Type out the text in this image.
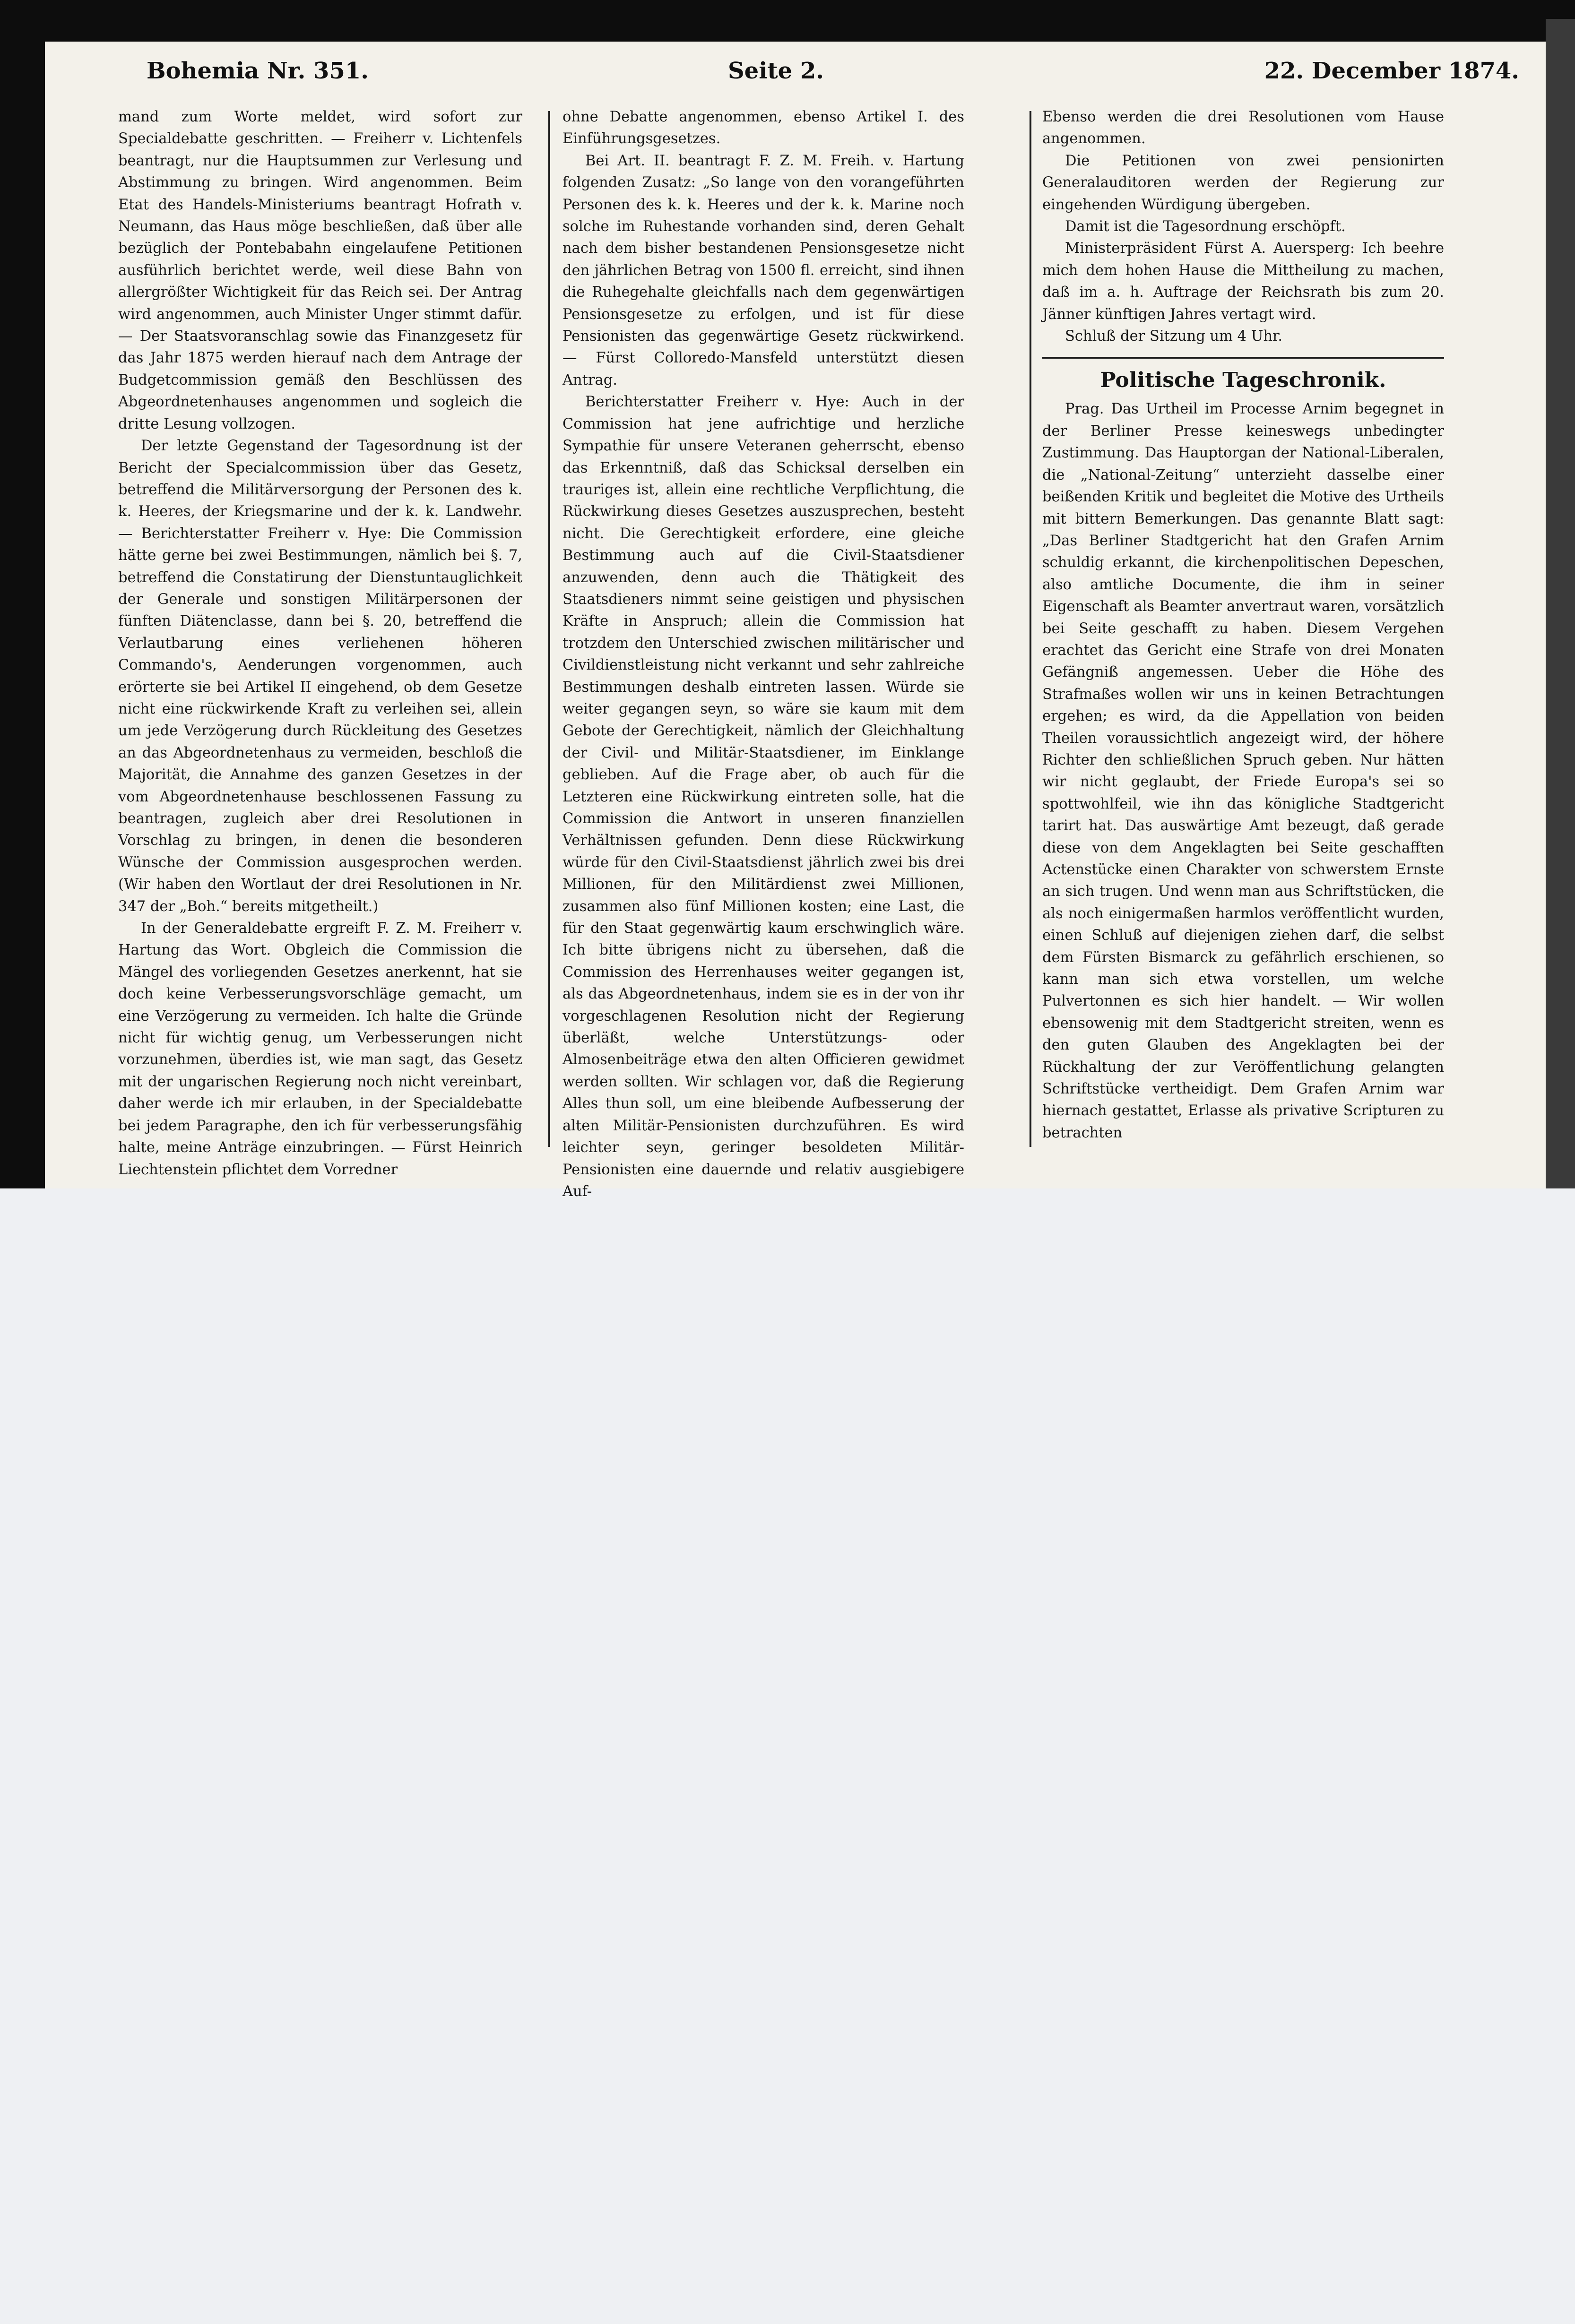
Bohemia Nr. 351.	Seite 2.	22. December 1874.

mand zum Worte meldet, wird sofort zur Specialdebatte geschritten. — Freiherr v. Lichtenfels beantragt, nur die Hauptsummen zur Verlesung und Abstimmung zu bringen. Wird angenommen. Beim Etat des Handels-Ministeriums beantragt Hofrath v. Neumann, das Haus möge beschließen, daß über alle bezüglich der Pontebabahn eingelaufene Petitionen ausführlich berichtet werde, weil diese Bahn von allergrößter Wichtigkeit für das Reich sei. Der Antrag wird angenommen, auch Minister Unger stimmt dafür. — Der Staatsvoranschlag sowie das Finanzgesetz für das Jahr 1875 werden hierauf nach dem Antrage der Budgetcommission gemäß den Beschlüssen des Abgeordnetenhauses angenommen und sogleich die dritte Lesung vollzogen.

Der letzte Gegenstand der Tagesordnung ist der Bericht der Specialcommission über das Gesetz, betreffend die Militärversorgung der Personen des k. k. Heeres, der Kriegsmarine und der k. k. Landwehr. — Berichterstatter Freiherr v. Hye: Die Commission hätte gerne bei zwei Bestimmungen, nämlich bei §. 7, betreffend die Constatirung der Dienstuntauglichkeit der Generale und sonstigen Militärpersonen der fünften Diätenclasse, dann bei §. 20, betreffend die Verlautbarung eines verliehenen höheren Commando's, Aenderungen vorgenommen, auch erörterte sie bei Artikel II eingehend, ob dem Gesetze nicht eine rückwirkende Kraft zu verleihen sei, allein um jede Verzögerung durch Rückleitung des Gesetzes an das Abgeordnetenhaus zu vermeiden, beschloß die Majorität, die Annahme des ganzen Gesetzes in der vom Abgeordnetenhause beschlossenen Fassung zu beantragen, zugleich aber drei Resolutionen in Vorschlag zu bringen, in denen die besonderen Wünsche der Commission ausgesprochen werden. (Wir haben den Wortlaut der drei Resolutionen in Nr. 347 der „Boh.“ bereits mitgetheilt.)

In der Generaldebatte ergreift F. Z. M. Freiherr v. Hartung das Wort. Obgleich die Commission die Mängel des vorliegenden Gesetzes anerkennt, hat sie doch keine Verbesserungsvorschläge gemacht, um eine Verzögerung zu vermeiden. Ich halte die Gründe nicht für wichtig genug, um Verbesserungen nicht vorzunehmen, überdies ist, wie man sagt, das Gesetz mit der ungarischen Regierung noch nicht vereinbart, daher werde ich mir erlauben, in der Specialdebatte bei jedem Paragraphe, den ich für verbesserungsfähig halte, meine Anträge einzubringen. — Fürst Heinrich Liechtenstein pflichtet dem Vorredner

ohne Debatte angenommen, ebenso Artikel I. des Einführungsgesetzes.

Bei Art. II. beantragt F. Z. M. Freih. v. Hartung folgenden Zusatz: „So lange von den vorangeführten Personen des k. k. Heeres und der k. k. Marine noch solche im Ruhestande vorhanden sind, deren Gehalt nach dem bisher bestandenen Pensionsgesetze nicht den jährlichen Betrag von 1500 fl. erreicht, sind ihnen die Ruhegehalte gleichfalls nach dem gegenwärtigen Pensionsgesetze zu erfolgen, und ist für diese Pensionisten das gegenwärtige Gesetz rückwirkend. — Fürst Colloredo-Mansfeld unterstützt diesen Antrag.

Berichterstatter Freiherr v. Hye: Auch in der Commission hat jene aufrichtige und herzliche Sympathie für unsere Veteranen geherrscht, ebenso das Erkenntniß, daß das Schicksal derselben ein trauriges ist, allein eine rechtliche Verpflichtung, die Rückwirkung dieses Gesetzes auszusprechen, besteht nicht. Die Gerechtigkeit erfordere, eine gleiche Bestimmung auch auf die Civil-Staatsdiener anzuwenden, denn auch die Thätigkeit des Staatsdieners nimmt seine geistigen und physischen Kräfte in Anspruch; allein die Commission hat trotzdem den Unterschied zwischen militärischer und Civildienstleistung nicht verkannt und sehr zahlreiche Bestimmungen deshalb eintreten lassen. Würde sie weiter gegangen seyn, so wäre sie kaum mit dem Gebote der Gerechtigkeit, nämlich der Gleichhaltung der Civil- und Militär-Staatsdiener, im Einklange geblieben. Auf die Frage aber, ob auch für die Letzteren eine Rückwirkung eintreten solle, hat die Commission die Antwort in unseren finanziellen Verhältnissen gefunden. Denn diese Rückwirkung würde für den Civil-Staatsdienst jährlich zwei bis drei Millionen, für den Militärdienst zwei Millionen, zusammen also fünf Millionen kosten; eine Last, die für den Staat gegenwärtig kaum erschwinglich wäre. Ich bitte übrigens nicht zu übersehen, daß die Commission des Herrenhauses weiter gegangen ist, als das Abgeordnetenhaus, indem sie es in der von ihr vorgeschlagenen Resolution nicht der Regierung überläßt, welche Unterstützungs- oder Almosenbeiträge etwa den alten Officieren gewidmet werden sollten. Wir schlagen vor, daß die Regierung Alles thun soll, um eine bleibende Aufbesserung der alten Militär-Pensionisten durchzuführen. Es wird leichter seyn, geringer besoldeten Militär-Pensionisten eine dauernde und relativ ausgiebigere Auf-

Ebenso werden die drei Resolutionen vom Hause angenommen.

Die Petitionen von zwei pensionirten Generalauditoren werden der Regierung zur eingehenden Würdigung übergeben.

Damit ist die Tagesordnung erschöpft.

Ministerpräsident Fürst A. Auersperg: Ich beehre mich dem hohen Hause die Mittheilung zu machen, daß im a. h. Auftrage der Reichsrath bis zum 20. Jänner künftigen Jahres vertagt wird.

Schluß der Sitzung um 4 Uhr.

Politische Tageschronik.

Prag. Das Urtheil im Processe Arnim begegnet in der Berliner Presse keineswegs unbedingter Zustimmung. Das Hauptorgan der National-Liberalen, die „National-Zeitung“ unterzieht dasselbe einer beißenden Kritik und begleitet die Motive des Urtheils mit bittern Bemerkungen. Das genannte Blatt sagt: „Das Berliner Stadtgericht hat den Grafen Arnim schuldig erkannt, die kirchenpolitischen Depeschen, also amtliche Documente, die ihm in seiner Eigenschaft als Beamter anvertraut waren, vorsätzlich bei Seite geschafft zu haben. Diesem Vergehen erachtet das Gericht eine Strafe von drei Monaten Gefängniß angemessen. Ueber die Höhe des Strafmaßes wollen wir uns in keinen Betrachtungen ergehen; es wird, da die Appellation von beiden Theilen voraussichtlich angezeigt wird, der höhere Richter den schließlichen Spruch geben. Nur hätten wir nicht geglaubt, der Friede Europa's sei so spottwohlfeil, wie ihn das königliche Stadtgericht tarirt hat. Das auswärtige Amt bezeugt, daß gerade diese von dem Angeklagten bei Seite geschafften Actenstücke einen Charakter von schwerstem Ernste an sich trugen. Und wenn man aus Schriftstücken, die als noch einigermaßen harmlos veröffentlicht wurden, einen Schluß auf diejenigen ziehen darf, die selbst dem Fürsten Bismarck zu gefährlich erschienen, so kann man sich etwa vorstellen, um welche Pulvertonnen es sich hier handelt. — Wir wollen ebensowenig mit dem Stadtgericht streiten, wenn es den guten Glauben des Angeklagten bei der Rückhaltung der zur Veröffentlichung gelangten Schriftstücke vertheidigt. Dem Grafen Arnim war hiernach gestattet, Erlasse als privative Scripturen zu betrachten
